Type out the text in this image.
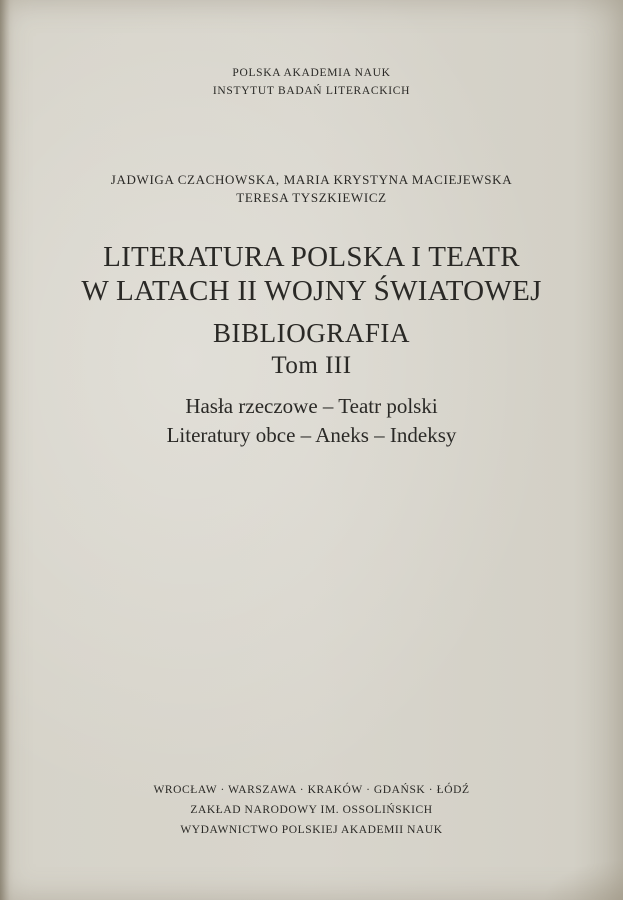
POLSKA AKADEMIA NAUK

INSTYTUT BADAŃ LITERACKICH

JADWIGA CZACHOWSKA, MARIA KRYSTYNA MACIEJEWSKA

TERESA TYSZKIEWICZ

LITERATURA POLSKA I TEATR

W LATACH II WOJNY ŚWIATOWEJ

BIBLIOGRAFIA

Tom III

Hasła rzeczowe – Teatr polski

Literatury obce – Aneks – Indeksy

WROCŁAW · WARSZAWA · KRAKÓW · GDAŃSK · ŁÓDŹ

ZAKŁAD NARODOWY IM. OSSOLIŃSKICH

WYDAWNICTWO POLSKIEJ AKADEMII NAUK
